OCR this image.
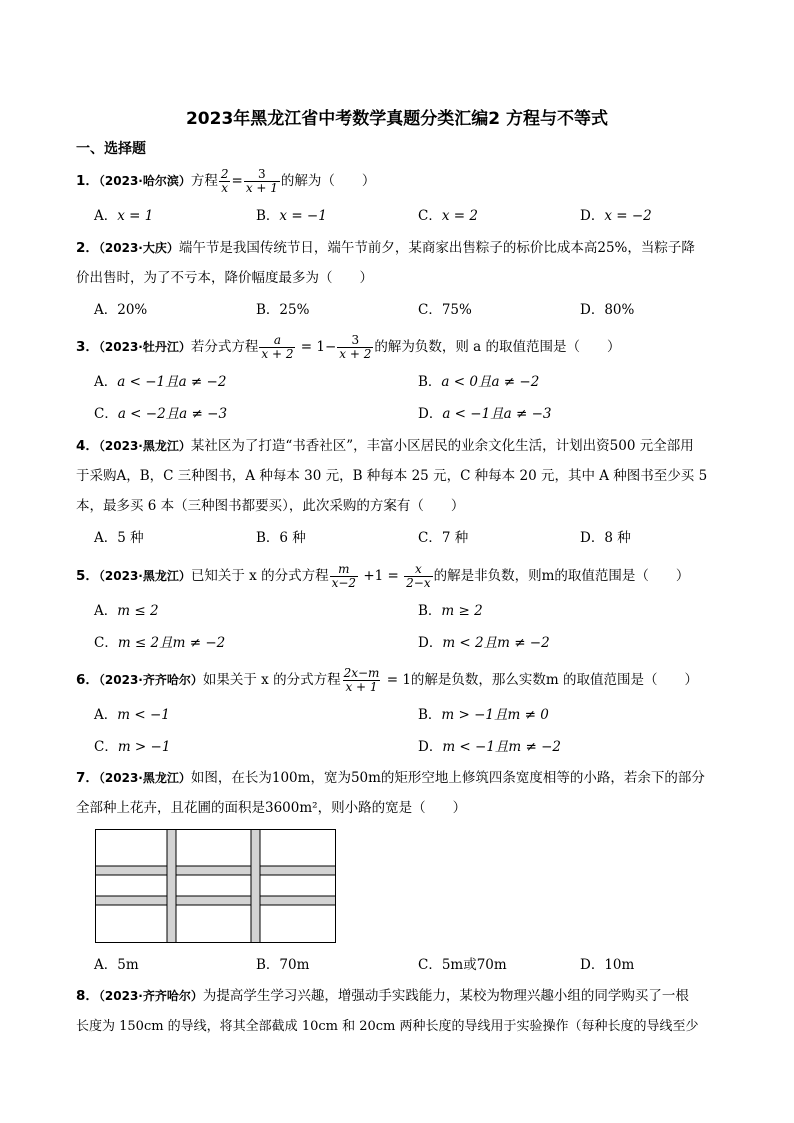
2023年黑龙江省中考数学真题分类汇编2 方程与不等式
一、选择题
1．（2023·哈尔滨）方程 $\frac{2}{x} = \frac{3}{x + 1}$ 的解为（　　）
A．x = 1	B．x = −1	C．x = 2	D．x = −2
2．（2023·大庆）端午节是我国传统节日，端午节前夕，某商家出售粽子的标价比成本高25%，当粽子降
价出售时，为了不亏本，降价幅度最多为（　　）
A．20%	B．25%	C．75%	D．80%
3．（2023·牡丹江）若分式方程 $\frac{a}{x + 2} = 1- \frac{3}{x + 2}$ 的解为负数，则 a 的取值范围是（　　）
A．a < −1且a ≠ −2	B．a < 0且a ≠ −2
C．a < −2且a ≠ −3	D．a < −1且a ≠ −3
4．（2023·黑龙江）某社区为了打造“书香社区”，丰富小区居民的业余文化生活，计划出资500 元全部用
于采购A，B，C 三种图书，A 种每本 30 元，B 种每本 25 元，C 种每本 20 元，其中 A 种图书至少买 5
本，最多买 6 本（三种图书都要买），此次采购的方案有（　　）
A．5 种	B．6 种	C．7 种	D．8 种
5．（2023·黑龙江）已知关于 x 的分式方程 $\frac{m}{x-2} +1 = \frac{x}{2-x}$ 的解是非负数，则m的取值范围是（　　）
A．m ≤ 2	B．m ≥ 2
C．m ≤ 2且m ≠ −2	D．m < 2且m ≠ −2
6．（2023·齐齐哈尔）如果关于 x 的分式方程 $\frac{2x-m}{x + 1} = 1$的解是负数，那么实数m 的取值范围是（　　）
A．m < −1	B．m > −1且m ≠ 0
C．m > −1	D．m < −1且m ≠ −2
7．（2023·黑龙江）如图，在长为100m，宽为50m的矩形空地上修筑四条宽度相等的小路，若余下的部分
全部种上花卉，且花圃的面积是3600m²，则小路的宽是（　　）
A．5m	B．70m	C．5m或70m	D．10m
8．（2023·齐齐哈尔）为提高学生学习兴趣，增强动手实践能力，某校为物理兴趣小组的同学购买了一根
长度为 150cm 的导线，将其全部截成 10cm 和 20cm 两种长度的导线用于实验操作（每种长度的导线至少
